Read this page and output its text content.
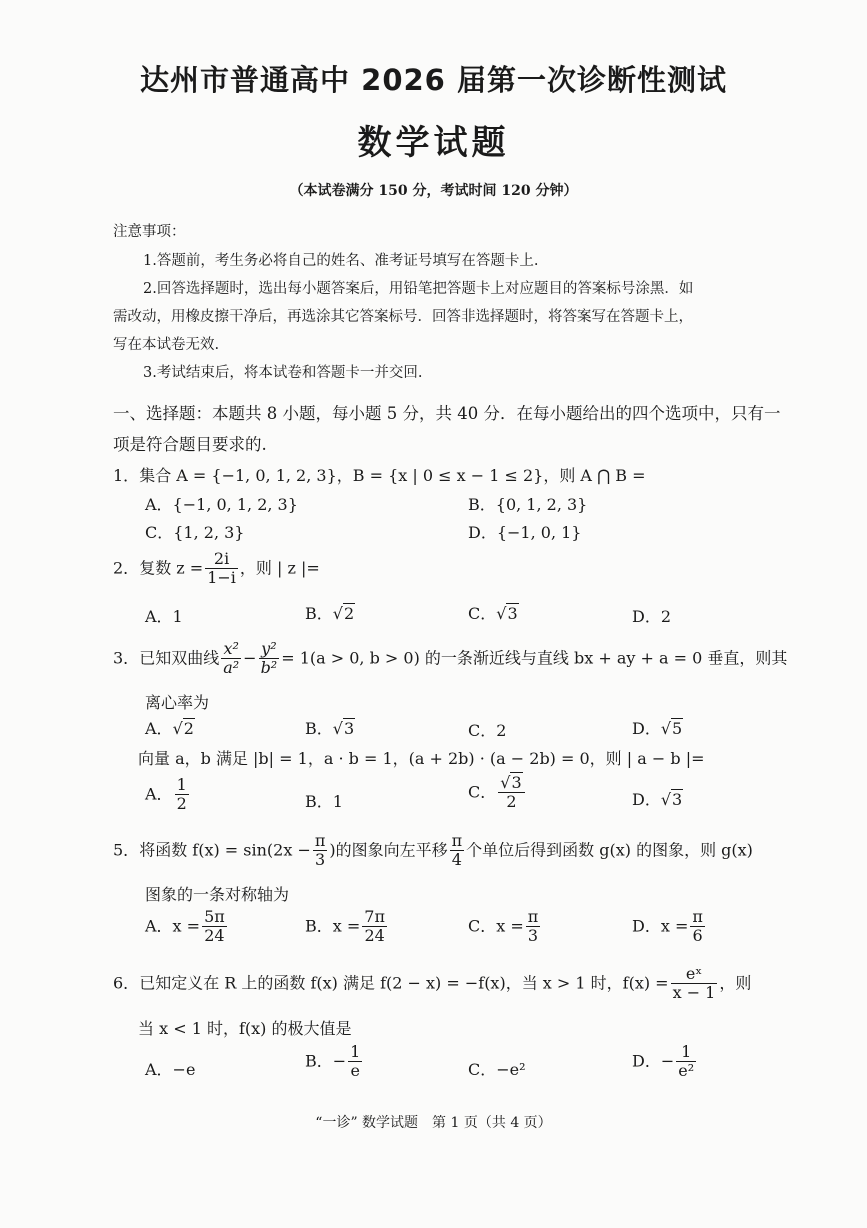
达州市普通高中 2026 届第一次诊断性测试
数学试题
（本试卷满分 150 分，考试时间 120 分钟）
注意事项：
1.答题前，考生务必将自己的姓名、准考证号填写在答题卡上.
2.回答选择题时，选出每小题答案后，用铅笔把答题卡上对应题目的答案标号涂黑．如
需改动，用橡皮擦干净后，再选涂其它答案标号．回答非选择题时，将答案写在答题卡上，
写在本试卷无效.
3.考试结束后，将本试卷和答题卡一并交回.
一、选择题：本题共 8 小题，每小题 5 分，共 40 分．在每小题给出的四个选项中，只有一
项是符合题目要求的.
1．集合 A = {−1, 0, 1, 2, 3}，B = {x | 0 ≤ x − 1 ≤ 2}，则 A ⋂ B =
A．{−1, 0, 1, 2, 3}	B．{0, 1, 2, 3}
C．{1, 2, 3}	D．{−1, 0, 1}
2．复数 $z = \frac{2i}{1-i}$ ，则 | z |=
A．1	B．√2	C．√3	D．2
3．已知双曲线 $\frac{\text{x²}}{\text{a²}} - \frac{\text{y²}}{\text{b²}} = 1(a > 0$, b > 0) 的一条渐近线与直线 bx + ay + a = 0 垂直，则其
离心率为
A．√2	B．√3	C．2	D．√5
向量 a，b 满足 |b| = 1，a · b = 1，(a + 2b) · (a − 2b) = 0，则 | a − b |=
A． $\frac{1}{2}$	B．1
C． $\frac{√3}{2}$	D．√3
5．将函数 $f(x) = \sin(2x - \frac{\pi}{3}$ )的图象向左平移 $\frac{\pi}{4}$ 个单位后得到函数 g(x) 的图象，则 g(x)
图象的一条对称轴为
A．$x = \frac{5\pi}{24}$	B．$x = \frac{7\pi}{24}$	C．$x = \frac{\pi}{3}$	D．$x = \frac{\pi}{6}$
6．已知定义在 R 上的函数 f(x) 满足 f(2 − x) = −f(x)，当 x > 1 时，$f(x) = \frac{\text{eˣ}}{x - 1}$ ，则
当 x < 1 时，f(x) 的极大值是
A．−e	B．− $\frac{1}{e}$	C．−e²	D．− $\frac{1}{\text{e²}}$
“一诊” 数学试题　第 1 页（共 4 页）
